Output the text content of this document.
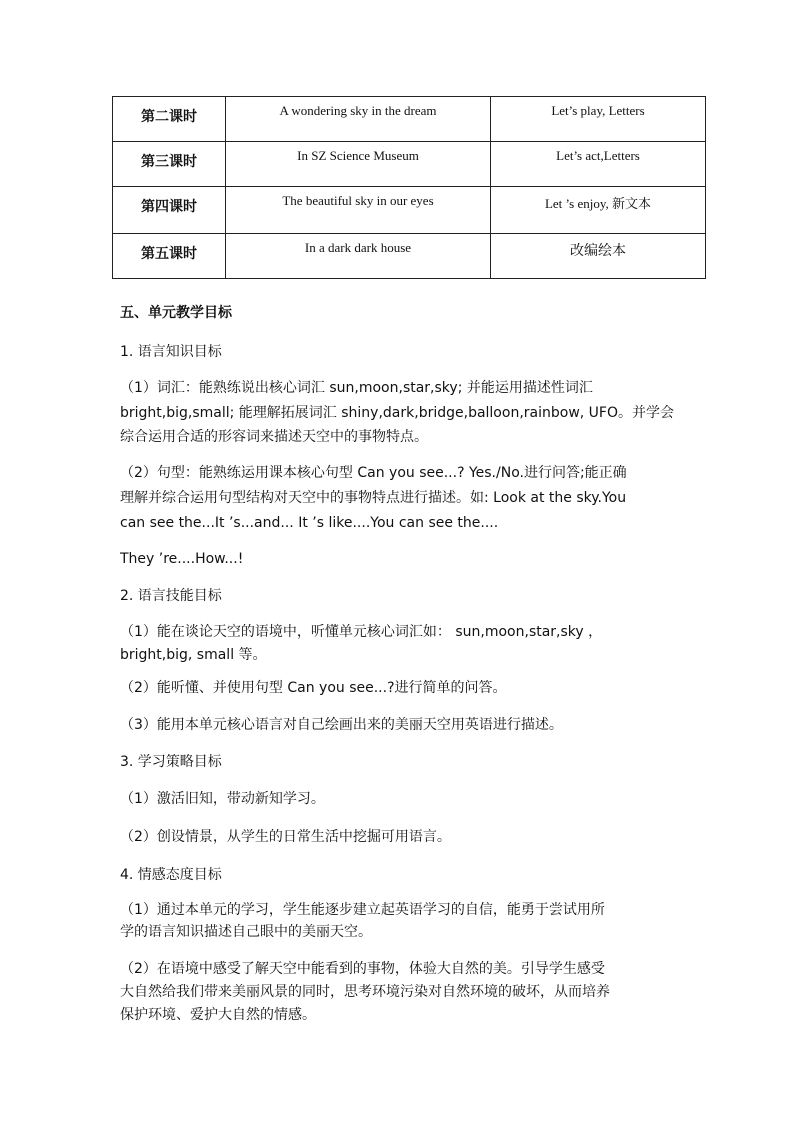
第二课时	A wondering sky in the dream	Let’s play, Letters
第三课时	In SZ Science Museum	Let’s act,Letters
第四课时	The beautiful sky in our eyes	Let ’s enjoy, 新文本
第五课时	In a dark dark house	改编绘本
五、单元教学目标
1. 语言知识目标
（1）词汇：能熟练说出核心词汇 sun,moon,star,sky; 并能运用描述性词汇
bright,big,small; 能理解拓展词汇 shiny,dark,bridge,balloon,rainbow, UFO。并学会
综合运用合适的形容词来描述天空中的事物特点。
（2）句型：能熟练运用课本核心句型 Can you see...? Yes./No.进行问答;能正确
理解并综合运用句型结构对天空中的事物特点进行描述。如: Look at the sky.You
can see the...It ’s...and... It ’s like....You can see the....
They ’re....How...!
2. 语言技能目标
（1）能在谈论天空的语境中，听懂单元核心词汇如： sun,moon,star,sky ，
bright,big, small 等。
（2）能听懂、并使用句型 Can you see...?进行简单的问答。
（3）能用本单元核心语言对自己绘画出来的美丽天空用英语进行描述。
3. 学习策略目标
（1）激活旧知，带动新知学习。
（2）创设情景，从学生的日常生活中挖掘可用语言。
4. 情感态度目标
（1）通过本单元的学习，学生能逐步建立起英语学习的自信，能勇于尝试用所
学的语言知识描述自己眼中的美丽天空。
（2）在语境中感受了解天空中能看到的事物，体验大自然的美。引导学生感受
大自然给我们带来美丽风景的同时，思考环境污染对自然环境的破坏，从而培养
保护环境、爱护大自然的情感。
